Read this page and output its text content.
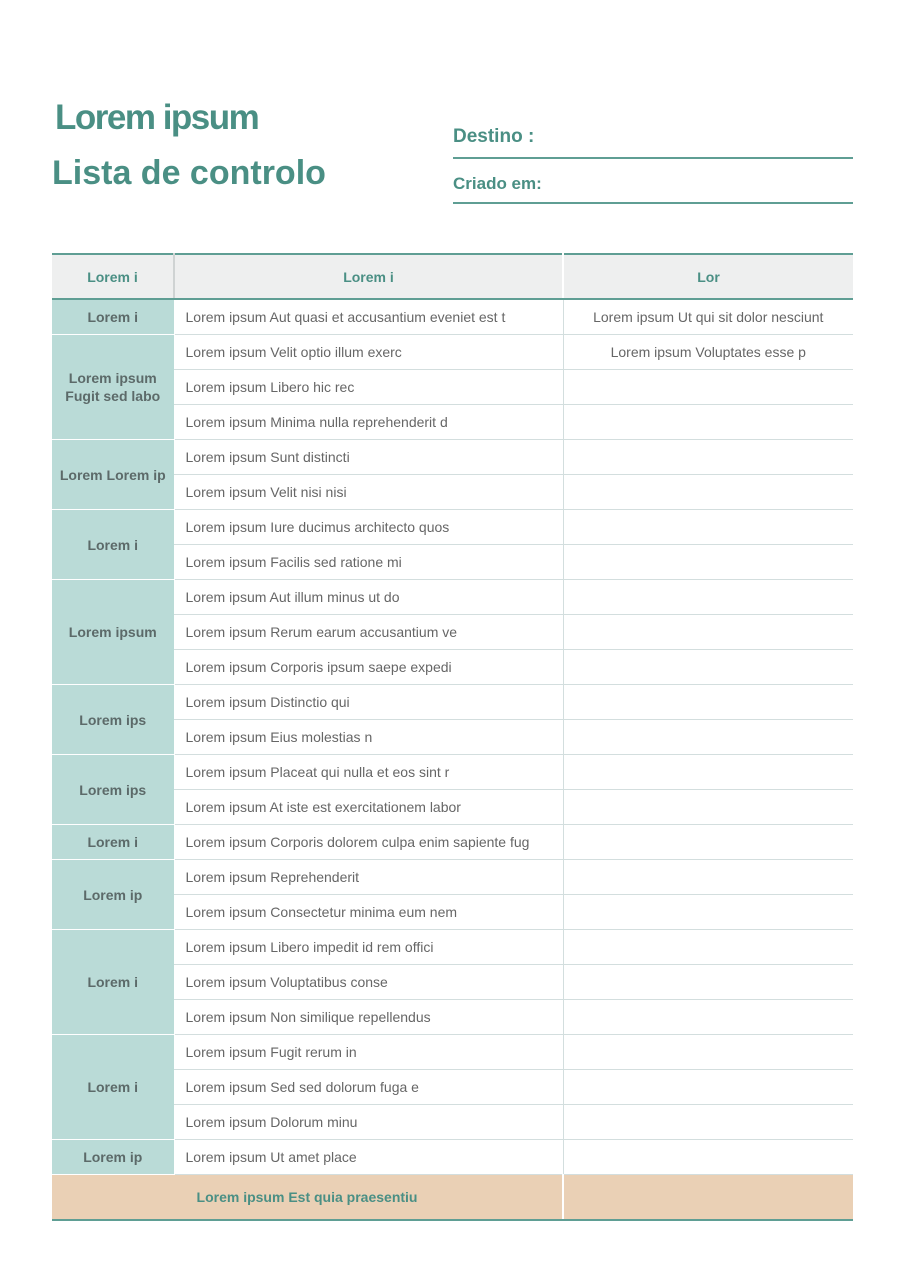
Lorem ipsum
Lista de controlo
Destino :
Criado em:
Lorem i	Lorem i	Lor
Lorem i	Lorem ipsum Aut quasi et accusantium eveniet est t	Lorem ipsum Ut qui sit dolor nesciunt
Lorem ipsum Fugit sed labo	Lorem ipsum Velit optio illum exerc	Lorem ipsum Voluptates esse p
	Lorem ipsum Libero hic rec	
	Lorem ipsum Minima nulla reprehenderit d	
Lorem Lorem ip	Lorem ipsum Sunt distincti	
	Lorem ipsum Velit nisi nisi	
Lorem i	Lorem ipsum Iure ducimus architecto quos	
	Lorem ipsum Facilis sed ratione mi	
Lorem ipsum	Lorem ipsum Aut illum minus ut do	
	Lorem ipsum Rerum earum accusantium ve	
	Lorem ipsum Corporis ipsum saepe expedi	
Lorem ips	Lorem ipsum Distinctio qui	
	Lorem ipsum Eius molestias n	
Lorem ips	Lorem ipsum Placeat qui nulla et eos sint r	
	Lorem ipsum At iste est exercitationem labor	
Lorem i	Lorem ipsum Corporis dolorem culpa enim sapiente fug	
Lorem ip	Lorem ipsum Reprehenderit	
	Lorem ipsum Consectetur minima eum nem	
Lorem i	Lorem ipsum Libero impedit id rem offici	
	Lorem ipsum Voluptatibus conse	
	Lorem ipsum Non similique repellendus	
Lorem i	Lorem ipsum Fugit rerum in	
	Lorem ipsum Sed sed dolorum fuga e	
	Lorem ipsum Dolorum minu	
Lorem ip	Lorem ipsum Ut amet place	
Lorem ipsum Est quia praesentiu		
